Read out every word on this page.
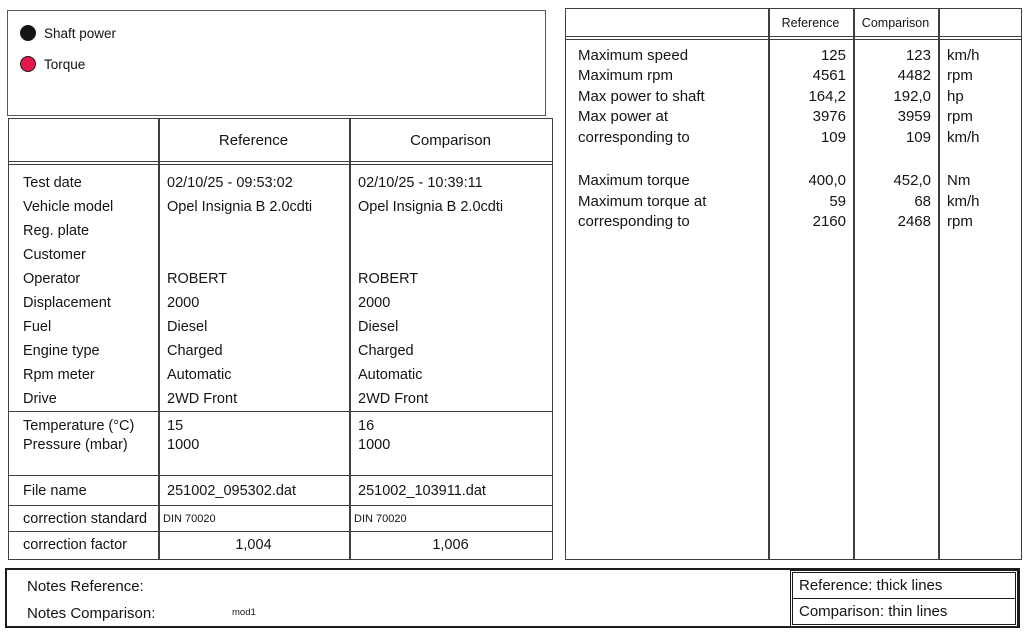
Shaft power
Torque
Reference	Comparison
Test date	02/10/25 - 09:53:02	02/10/25 - 10:39:11
Vehicle model	Opel Insignia B 2.0cdti	Opel Insignia B 2.0cdti
Reg. plate
Customer
Operator	ROBERT	ROBERT
Displacement	2000	2000
Fuel	Diesel	Diesel
Engine type	Charged	Charged
Rpm meter	Automatic	Automatic
Drive	2WD Front	2WD Front
Temperature (°C)	15	16
Pressure (mbar)	1000	1000
File name	251002_095302.dat	251002_103911.dat
correction standard	DIN 70020	DIN 70020
correction factor	1,004	1,006
Reference	Comparison
Maximum speed	125	123	km/h
Maximum rpm	4561	4482	rpm
Max power to shaft	164,2	192,0	hp
Max power at	3976	3959	rpm
corresponding to	109	109	km/h
Maximum torque	400,0	452,0	Nm
Maximum torque at	59	68	km/h
corresponding to	2160	2468	rpm
Notes Reference:
Notes Comparison:	mod1
Reference: thick lines
Comparison: thin lines
